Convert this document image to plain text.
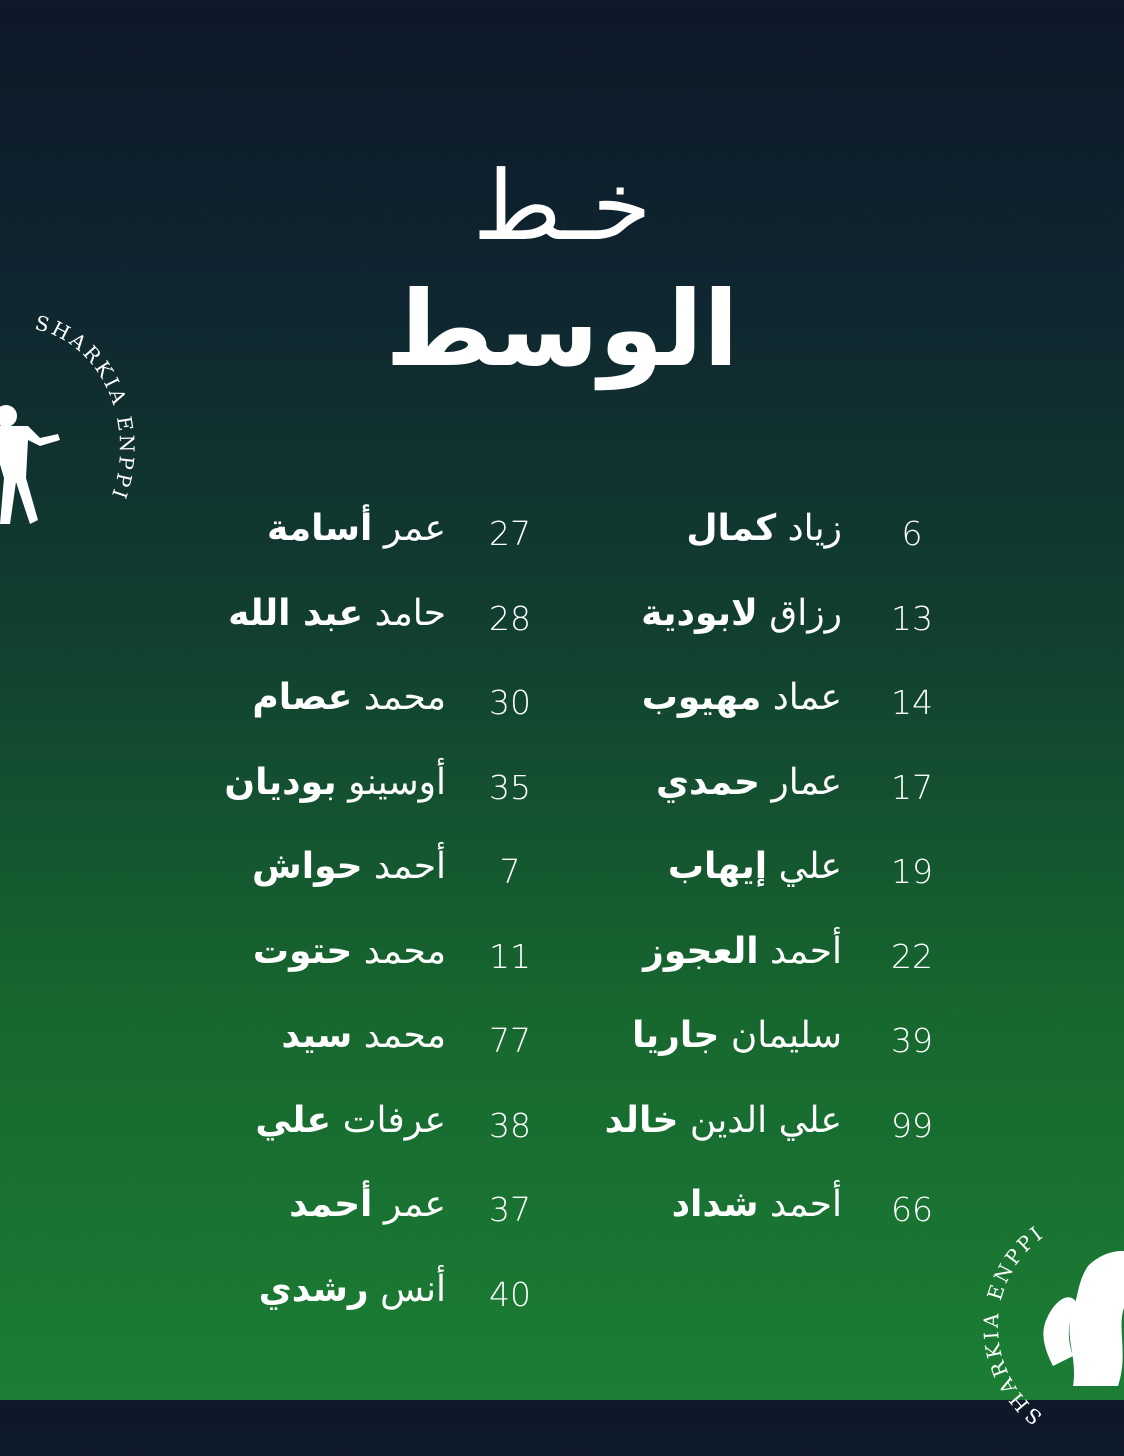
خـط
الوسط
SHARKIA ENPPI
SHARKIA ENPPI
27
عمر أسامة
28
حامد عبد الله
30
محمد عصام
35
أوسينو بوديان
7
أحمد حواش
11
محمد حتوت
77
محمد سيد
38
عرفات علي
37
عمر أحمد
40
أنس رشدي
6
زياد كمال
13
رزاق لابودية
14
عماد مهيوب
17
عمار حمدي
19
علي إيهاب
22
أحمد العجوز
39
سليمان جاريا
99
علي الدين خالد
66
أحمد شداد
